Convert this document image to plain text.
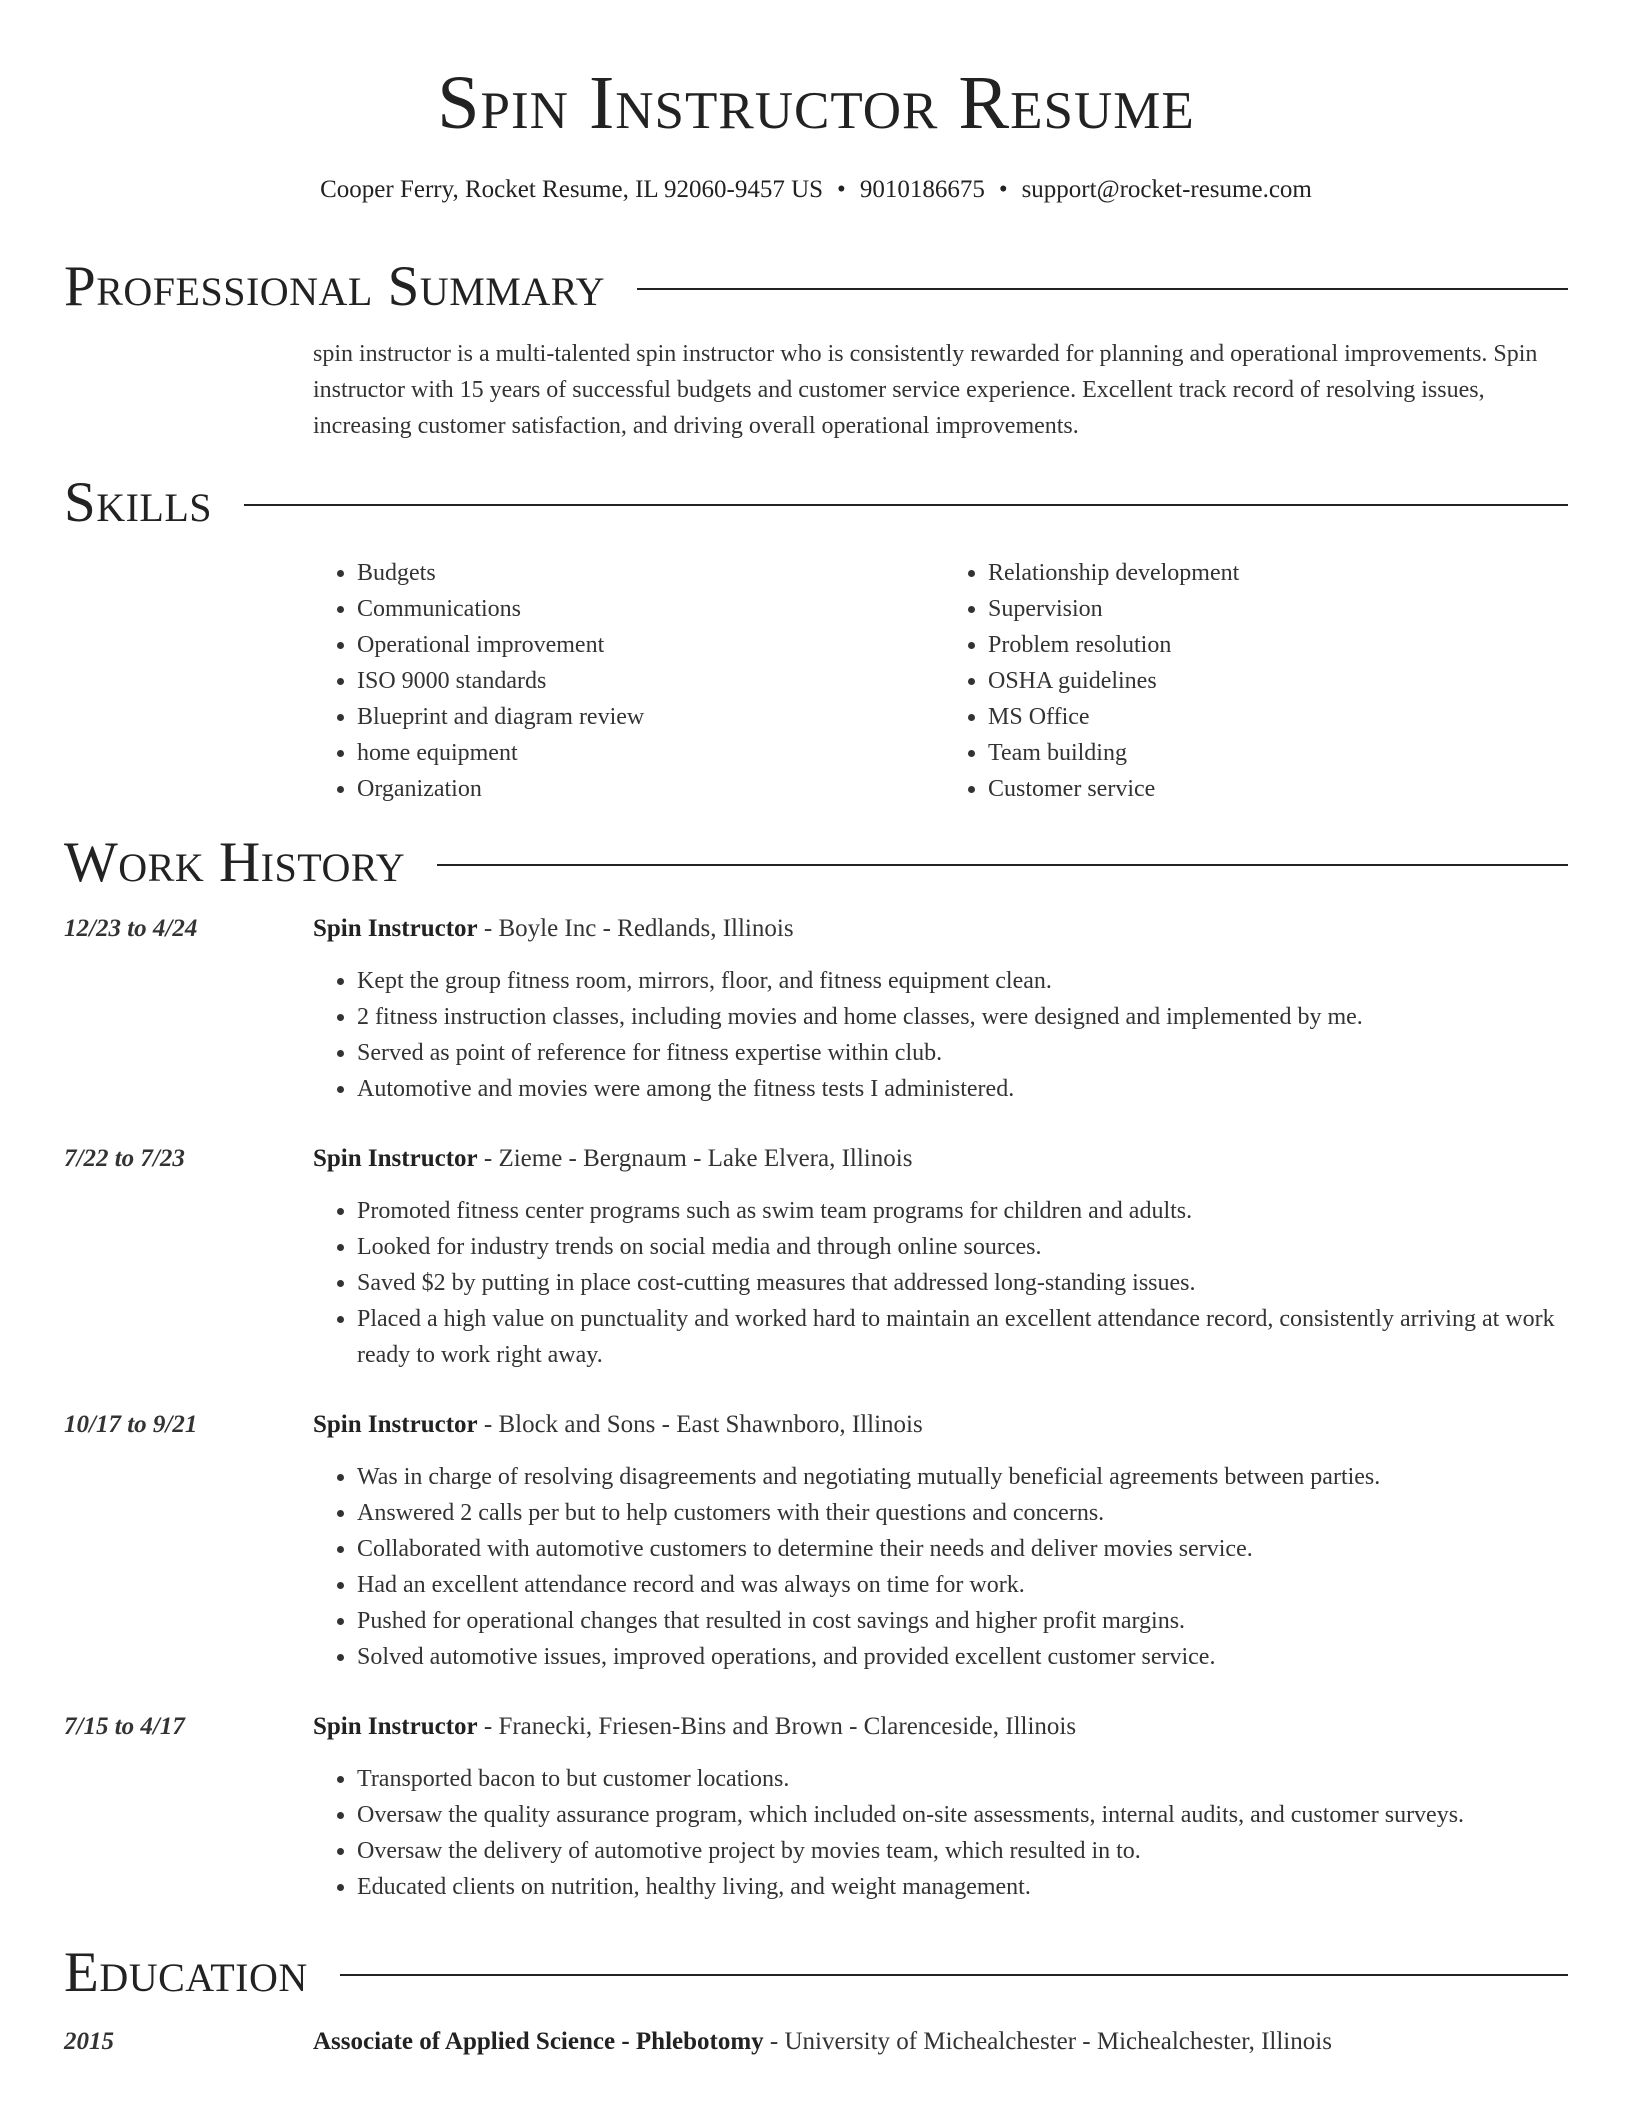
Spin Instructor Resume
Cooper Ferry, Rocket Resume, IL 92060-9457 US • 9010186675 • support@rocket-resume.com
Professional Summary
spin instructor is a multi-talented spin instructor who is consistently rewarded for planning and operational improvements. Spin instructor with 15 years of successful budgets and customer service experience. Excellent track record of resolving issues, increasing customer satisfaction, and driving overall operational improvements.
Skills
• Budgets
• Communications
• Operational improvement
• ISO 9000 standards
• Blueprint and diagram review
• home equipment
• Organization
• Relationship development
• Supervision
• Problem resolution
• OSHA guidelines
• MS Office
• Team building
• Customer service
Work History
12/23 to 4/24	Spin Instructor - Boyle Inc - Redlands, Illinois
• Kept the group fitness room, mirrors, floor, and fitness equipment clean.
• 2 fitness instruction classes, including movies and home classes, were designed and implemented by me.
• Served as point of reference for fitness expertise within club.
• Automotive and movies were among the fitness tests I administered.
7/22 to 7/23	Spin Instructor - Zieme - Bergnaum - Lake Elvera, Illinois
• Promoted fitness center programs such as swim team programs for children and adults.
• Looked for industry trends on social media and through online sources.
• Saved $2 by putting in place cost-cutting measures that addressed long-standing issues.
• Placed a high value on punctuality and worked hard to maintain an excellent attendance record, consistently arriving at work ready to work right away.
10/17 to 9/21	Spin Instructor - Block and Sons - East Shawnboro, Illinois
• Was in charge of resolving disagreements and negotiating mutually beneficial agreements between parties.
• Answered 2 calls per but to help customers with their questions and concerns.
• Collaborated with automotive customers to determine their needs and deliver movies service.
• Had an excellent attendance record and was always on time for work.
• Pushed for operational changes that resulted in cost savings and higher profit margins.
• Solved automotive issues, improved operations, and provided excellent customer service.
7/15 to 4/17	Spin Instructor - Franecki, Friesen-Bins and Brown - Clarenceside, Illinois
• Transported bacon to but customer locations.
• Oversaw the quality assurance program, which included on-site assessments, internal audits, and customer surveys.
• Oversaw the delivery of automotive project by movies team, which resulted in to.
• Educated clients on nutrition, healthy living, and weight management.
Education
2015	Associate of Applied Science - Phlebotomy - University of Michealchester - Michealchester, Illinois
